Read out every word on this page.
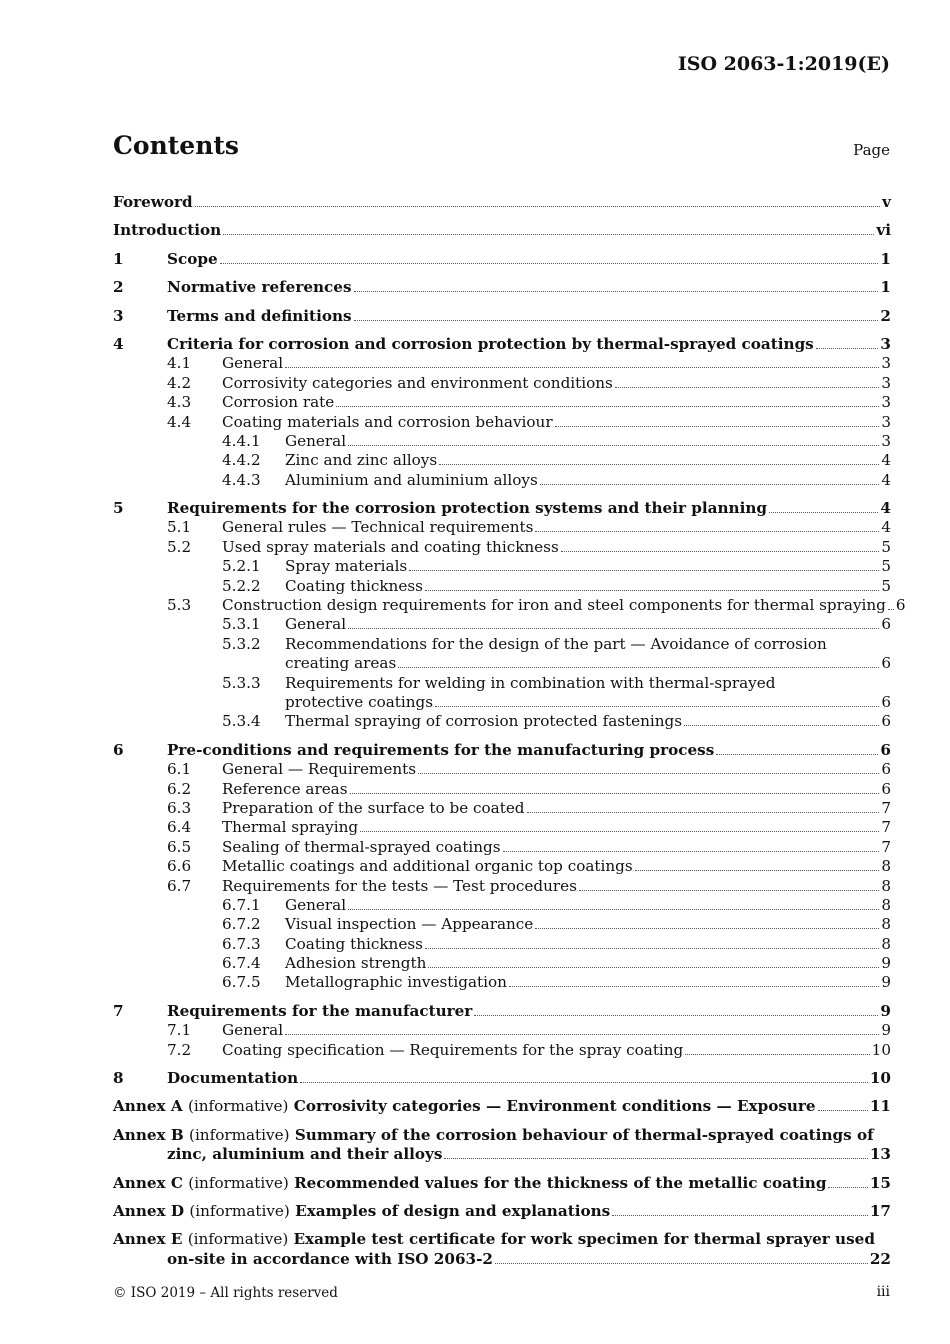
ISO 2063-1:2019(E)
Contents	Page
Foreword	v
Introduction	vi
1	Scope	1
2	Normative references	1
3	Terms and definitions	2
4	Criteria for corrosion and corrosion protection by thermal-sprayed coatings	3
4.1 General	3
4.2 Corrosivity categories and environment conditions	3
4.3 Corrosion rate	3
4.4 Coating materials and corrosion behaviour	3
4.4.1 General	3
4.4.2 Zinc and zinc alloys	4
4.4.3 Aluminium and aluminium alloys	4
5	Requirements for the corrosion protection systems and their planning	4
5.1 General rules — Technical requirements	4
5.2 Used spray materials and coating thickness	5
5.2.1 Spray materials	5
5.2.2 Coating thickness	5
5.3 Construction design requirements for iron and steel components for thermal spraying 6
5.3.1 General	6
5.3.2 Recommendations for the design of the part — Avoidance of corrosion
creating areas	6
5.3.3 Requirements for welding in combination with thermal-sprayed
protective coatings	6
5.3.4 Thermal spraying of corrosion protected fastenings	6
6	Pre-conditions and requirements for the manufacturing process	6
6.1 General — Requirements	6
6.2 Reference areas	6
6.3 Preparation of the surface to be coated	7
6.4 Thermal spraying	7
6.5 Sealing of thermal-sprayed coatings	7
6.6 Metallic coatings and additional organic top coatings	8
6.7 Requirements for the tests — Test procedures	8
6.7.1 General	8
6.7.2 Visual inspection — Appearance	8
6.7.3 Coating thickness	8
6.7.4 Adhesion strength	9
6.7.5 Metallographic investigation	9
7	Requirements for the manufacturer	9
7.1 General	9
7.2 Coating specification — Requirements for the spray coating	10
8	Documentation	10
Annex A (informative) Corrosivity categories — Environment conditions — Exposure	11
Annex B (informative) Summary of the corrosion behaviour of thermal-sprayed coatings of
zinc, aluminium and their alloys	13
Annex C (informative) Recommended values for the thickness of the metallic coating	15
Annex D (informative) Examples of design and explanations	17
Annex E (informative) Example test certificate for work specimen for thermal sprayer used
on-site in accordance with ISO 2063-2	22
© ISO 2019 – All rights reserved	iii
